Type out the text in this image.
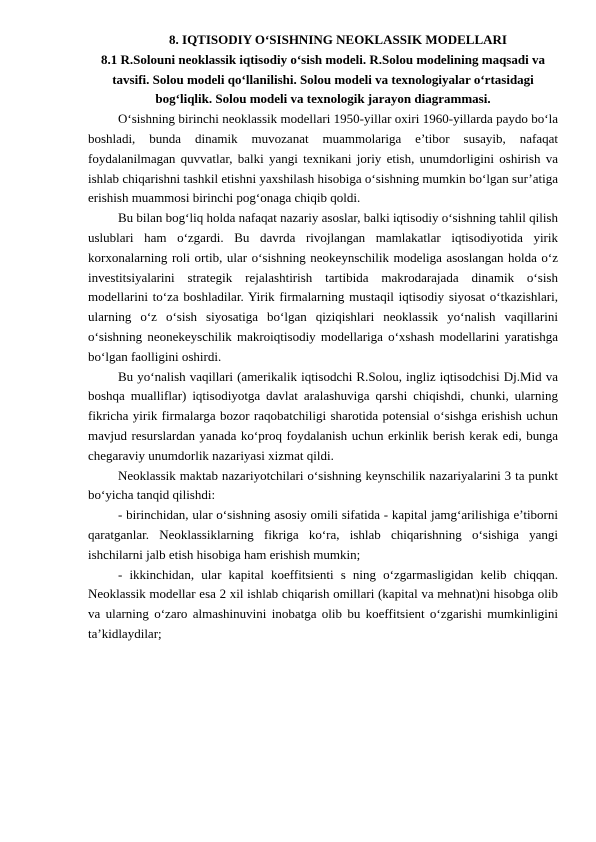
8. IQTISODIY O‘SISHNING NEOKLASSIK MODELLARI

8.1 R.Solouni neoklassik iqtisodiy o‘sish modeli. R.Solou modelining maqsadi va tavsifi. Solou modeli qo‘llanilishi. Solou modeli va texnologiyalar o‘rtasidagi bog‘liqlik. Solou modeli va texnologik jarayon diagrammasi.

O‘sishning birinchi neoklassik modellari 1950-yillar oxiri 1960-yillarda paydo bo‘la boshladi, bunda dinamik muvozanat muammolariga e’tibor susayib, nafaqat foydalanilmagan quvvatlar, balki yangi texnikani joriy etish, unumdorligini oshirish va ishlab chiqarishni tashkil etishni yaxshilash hisobiga o‘sishning mumkin bo‘lgan sur’atiga erishish muammosi birinchi pog‘onaga chiqib qoldi.

Bu bilan bog‘liq holda nafaqat nazariy asoslar, balki iqtisodiy o‘sishning tahlil qilish uslublari ham o‘zgardi. Bu davrda rivojlangan mamlakatlar iqtisodiyotida yirik korxonalarning roli ortib, ular o‘sishning neokeynschilik modeliga asoslangan holda o‘z investitsiyalarini strategik rejalashtirish tartibida makrodarajada dinamik o‘sish modellarini to‘za boshladilar. Yirik firmalarning mustaqil iqtisodiy siyosat o‘tkazishlari, ularning o‘z o‘sish siyosatiga bo‘lgan qiziqishlari neoklassik yo‘nalish vaqillarini o‘sishning neonekeyschilik makroiqtisodiy modellariga o‘xshash modellarini yaratishga bo‘lgan faolligini oshirdi.

Bu yo‘nalish vaqillari (amerikalik iqtisodchi R.Solou, ingliz iqtisodchisi Dj.Mid va boshqa mualliflar) iqtisodiyotga davlat aralashuviga qarshi chiqishdi, chunki, ularning fikricha yirik firmalarga bozor raqobatchiligi sharotida potensial o‘sishga erishish uchun mavjud resurslardan yanada ko‘proq foydalanish uchun erkinlik berish kerak edi, bunga chegaraviy unumdorlik nazariyasi xizmat qildi.

Neoklassik maktab nazariyotchilari o‘sishning keynschilik nazariyalarini 3 ta punkt bo‘yicha tanqid qilishdi:

- birinchidan, ular o‘sishning asosiy omili sifatida - kapital jamg‘arilishiga e’tiborni qaratganlar. Neoklassiklarning fikriga ko‘ra, ishlab chiqarishning o‘sishiga yangi ishchilarni jalb etish hisobiga ham erishish mumkin;

- ikkinchidan, ular kapital koeffitsienti s ning o‘zgarmasligidan kelib chiqqan. Neoklassik modellar esa 2 xil ishlab chiqarish omillari (kapital va mehnat)ni hisobga olib va ularning o‘zaro almashinuvini inobatga olib bu koeffitsient o‘zgarishi mumkinligini ta’kidlaydilar;
